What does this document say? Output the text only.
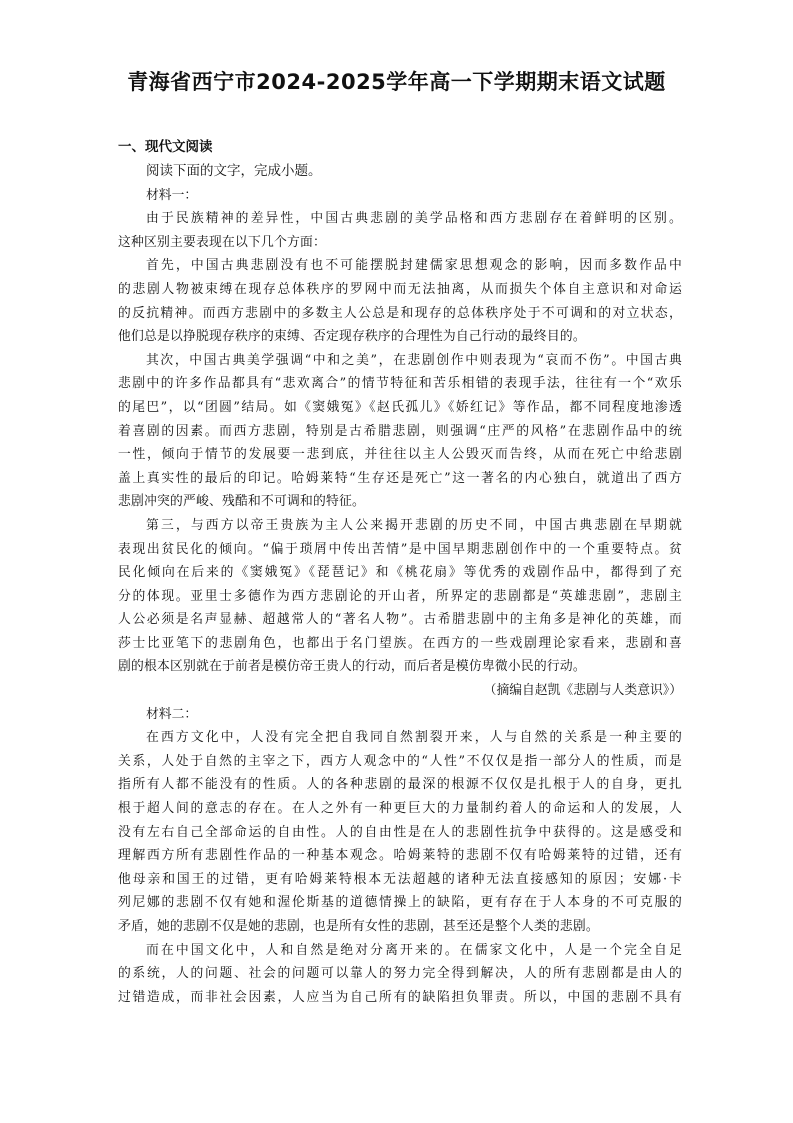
青海省西宁市2024-2025学年高一下学期期末语文试题
一、现代文阅读
阅读下面的文字，完成小题。
材料一：
由于民族精神的差异性，中国古典悲剧的美学品格和西方悲剧存在着鲜明的区别。
这种区别主要表现在以下几个方面：
首先，中国古典悲剧没有也不可能摆脱封建儒家思想观念的影响，因而多数作品中
的悲剧人物被束缚在现存总体秩序的罗网中而无法抽离，从而损失个体自主意识和对命运
的反抗精神。而西方悲剧中的多数主人公总是和现存的总体秩序处于不可调和的对立状态，
他们总是以挣脱现存秩序的束缚、否定现存秩序的合理性为自己行动的最终目的。
其次，中国古典美学强调“中和之美”，在悲剧创作中则表现为“哀而不伤”。中国古典
悲剧中的许多作品都具有“悲欢离合”的情节特征和苦乐相错的表现手法，往往有一个“欢乐
的尾巴”，以“团圆”结局。如《窦娥冤》《赵氏孤儿》《娇红记》等作品，都不同程度地渗透
着喜剧的因素。而西方悲剧，特别是古希腊悲剧，则强调“庄严的风格”在悲剧作品中的统
一性，倾向于情节的发展要一悲到底，并往往以主人公毁灭而告终，从而在死亡中给悲剧
盖上真实性的最后的印记。哈姆莱特“生存还是死亡”这一著名的内心独白，就道出了西方
悲剧冲突的严峻、残酷和不可调和的特征。
第三，与西方以帝王贵族为主人公来揭开悲剧的历史不同，中国古典悲剧在早期就
表现出贫民化的倾向。“偏于琐屑中传出苦情”是中国早期悲剧创作中的一个重要特点。贫
民化倾向在后来的《窦娥冤》《琵琶记》和《桃花扇》等优秀的戏剧作品中，都得到了充
分的体现。亚里士多德作为西方悲剧论的开山者，所界定的悲剧都是“英雄悲剧”，悲剧主
人公必须是名声显赫、超越常人的“著名人物”。古希腊悲剧中的主角多是神化的英雄，而
莎士比亚笔下的悲剧角色，也都出于名门望族。在西方的一些戏剧理论家看来，悲剧和喜
剧的根本区别就在于前者是模仿帝王贵人的行动，而后者是模仿卑微小民的行动。
（摘编自赵凯《悲剧与人类意识》）
材料二：
在西方文化中，人没有完全把自我同自然割裂开来，人与自然的关系是一种主要的
关系，人处于自然的主宰之下，西方人观念中的“人性”不仅仅是指一部分人的性质，而是
指所有人都不能没有的性质。人的各种悲剧的最深的根源不仅仅是扎根于人的自身，更扎
根于超人间的意志的存在。在人之外有一种更巨大的力量制约着人的命运和人的发展，人
没有左右自己全部命运的自由性。人的自由性是在人的悲剧性抗争中获得的。这是感受和
理解西方所有悲剧性作品的一种基本观念。哈姆莱特的悲剧不仅有哈姆莱特的过错，还有
他母亲和国王的过错，更有哈姆莱特根本无法超越的诸种无法直接感知的原因；安娜·卡
列尼娜的悲剧不仅有她和渥伦斯基的道德情操上的缺陷，更有存在于人本身的不可克服的
矛盾，她的悲剧不仅是她的悲剧，也是所有女性的悲剧，甚至还是整个人类的悲剧。
而在中国文化中，人和自然是绝对分离开来的。在儒家文化中，人是一个完全自足
的系统，人的问题、社会的问题可以靠人的努力完全得到解决，人的所有悲剧都是由人的
过错造成，而非社会因素，人应当为自己所有的缺陷担负罪责。所以，中国的悲剧不具有
